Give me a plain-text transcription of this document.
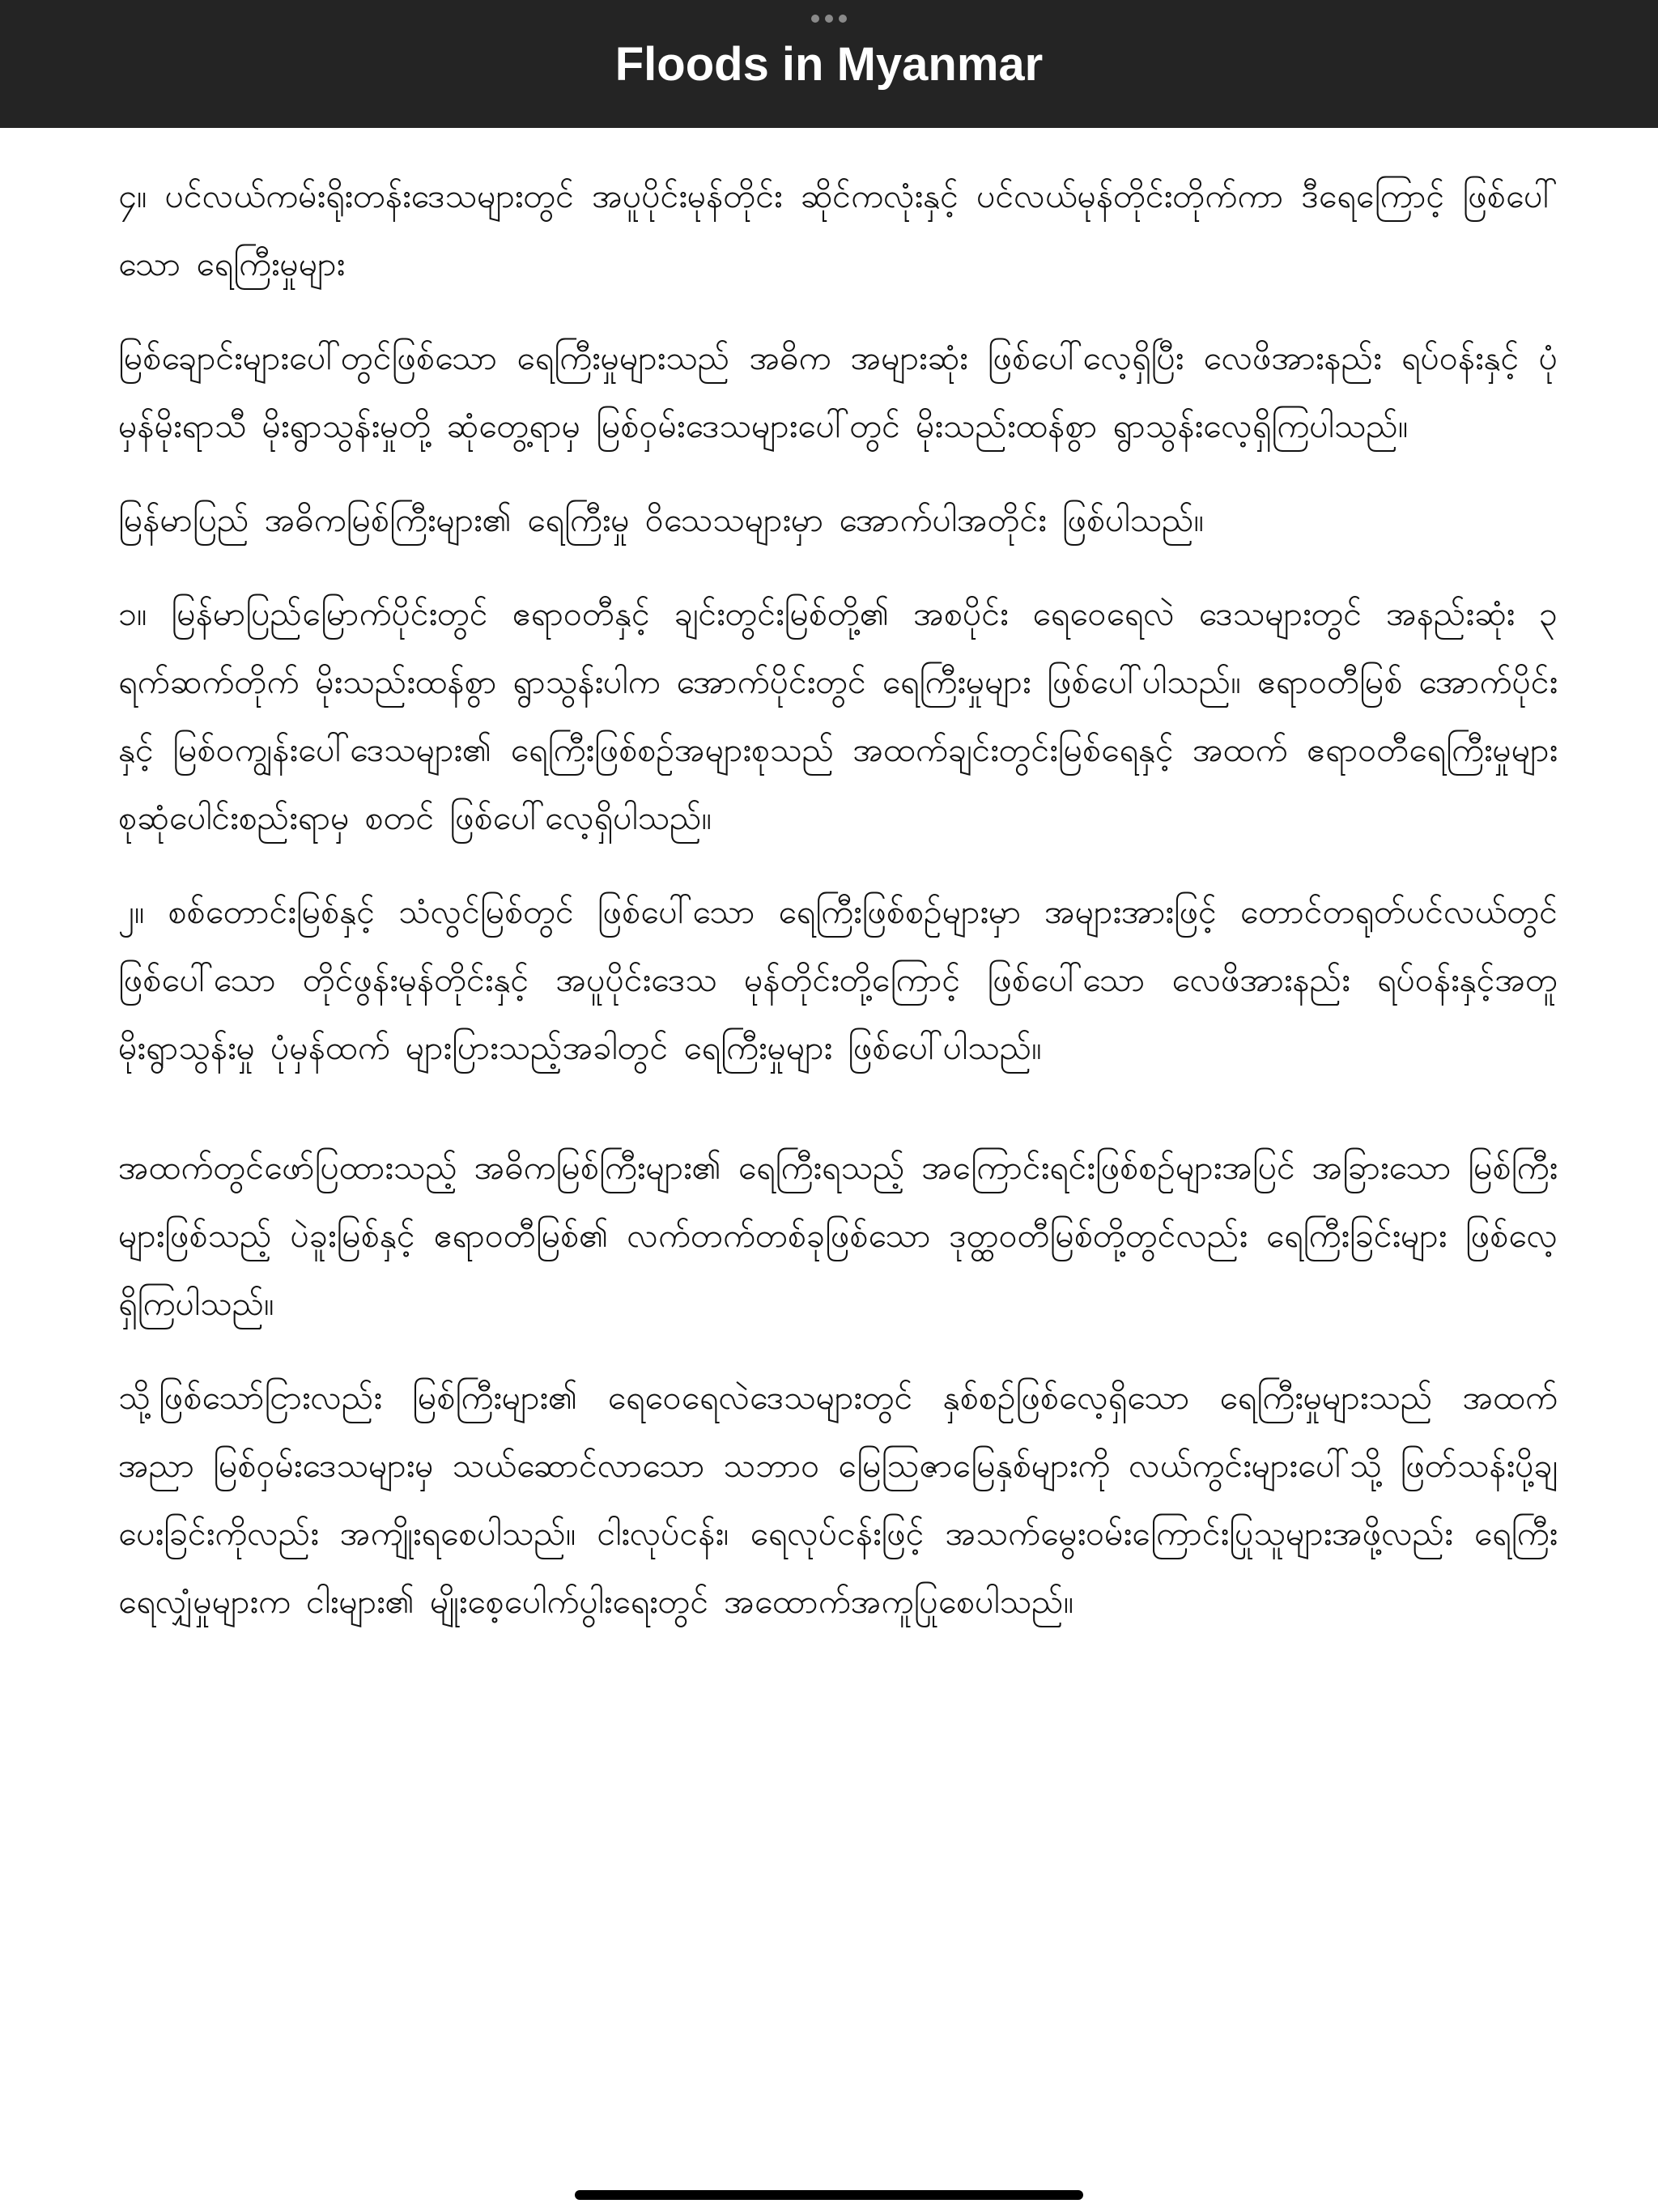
Floods in Myanmar

၄။ ပင်လယ်ကမ်းရိုးတန်းဒေသများတွင် အပူပိုင်းမုန်တိုင်း ဆိုင်ကလုံးနှင့် ပင်လယ်မုန်တိုင်းတိုက်ကာ ဒီရေကြောင့် ဖြစ်ပေါ်သော ရေကြီးမှုများ

မြစ်ချောင်းများပေါ်တွင်ဖြစ်သော ရေကြီးမှုများသည် အဓိက အများဆုံး ဖြစ်ပေါ်လေ့ရှိပြီး လေဖိအားနည်း ရပ်ဝန်းနှင့် ပုံမှန်မိုးရာသီ မိုးရွာသွန်းမှုတို့ ဆုံတွေ့ရာမှ မြစ်ဝှမ်းဒေသများပေါ်တွင် မိုးသည်းထန်စွာ ရွာသွန်းလေ့ရှိကြပါသည်။

မြန်မာပြည် အဓိကမြစ်ကြီးများ၏ ရေကြီးမှု ဝိသေသများမှာ အောက်ပါအတိုင်း ဖြစ်ပါသည်။

၁။ မြန်မာပြည်မြောက်ပိုင်းတွင် ဧရာဝတီနှင့် ချင်းတွင်းမြစ်တို့၏ အစပိုင်း ရေဝေရေလဲ ဒေသများတွင် အနည်းဆုံး ၃ ရက်ဆက်တိုက် မိုးသည်းထန်စွာ ရွာသွန်းပါက အောက်ပိုင်းတွင် ရေကြီးမှုများ ဖြစ်ပေါ်ပါသည်။ ဧရာဝတီမြစ် အောက်ပိုင်းနှင့် မြစ်ဝကျွန်းပေါ်ဒေသများ၏ ရေကြီးဖြစ်စဉ်အများစုသည် အထက်ချင်းတွင်းမြစ်ရေနှင့် အထက် ဧရာဝတီရေကြီးမှုများ စုဆုံပေါင်းစည်းရာမှ စတင် ဖြစ်ပေါ်လေ့ရှိပါသည်။

၂။ စစ်တောင်းမြစ်နှင့် သံလွင်မြစ်တွင် ဖြစ်ပေါ်သော ရေကြီးဖြစ်စဉ်များမှာ အများအားဖြင့် တောင်တရုတ်ပင်လယ်တွင် ဖြစ်ပေါ်သော တိုင်ဖွန်းမုန်တိုင်းနှင့် အပူပိုင်းဒေသ မုန်တိုင်းတို့ကြောင့် ဖြစ်ပေါ်သော လေဖိအားနည်း ရပ်ဝန်းနှင့်အတူ မိုးရွာသွန်းမှု ပုံမှန်ထက် များပြားသည့်အခါတွင် ရေကြီးမှုများ ဖြစ်ပေါ်ပါသည်။

အထက်တွင်ဖော်ပြထားသည့် အဓိကမြစ်ကြီးများ၏ ရေကြီးရသည့် အကြောင်းရင်းဖြစ်စဉ်များအပြင် အခြားသော မြစ်ကြီးများဖြစ်သည့် ပဲခူးမြစ်နှင့် ဧရာဝတီမြစ်၏ လက်တက်တစ်ခုဖြစ်သော ဒုတ္ထဝတီမြစ်တို့တွင်လည်း ရေကြီးခြင်းများ ဖြစ်လေ့ရှိကြပါသည်။

သို့ဖြစ်သော်ငြားလည်း မြစ်ကြီးများ၏ ရေဝေရေလဲဒေသများတွင် နှစ်စဉ်ဖြစ်လေ့ရှိသော ရေကြီးမှုများသည် အထက်အညာ မြစ်ဝှမ်းဒေသများမှ သယ်ဆောင်လာသော သဘာဝ မြေဩဇာမြေနှစ်များကို လယ်ကွင်းများပေါ်သို့ ဖြတ်သန်းပို့ချပေးခြင်းကိုလည်း အကျိုးရစေပါသည်။ ငါးလုပ်ငန်း၊ ရေလုပ်ငန်းဖြင့် အသက်မွေးဝမ်းကြောင်းပြုသူများအဖို့လည်း ရေကြီးရေလျှံမှုများက ငါးများ၏ မျိုးစေ့ပေါက်ပွါးရေးတွင် အထောက်အကူပြုစေပါသည်။
